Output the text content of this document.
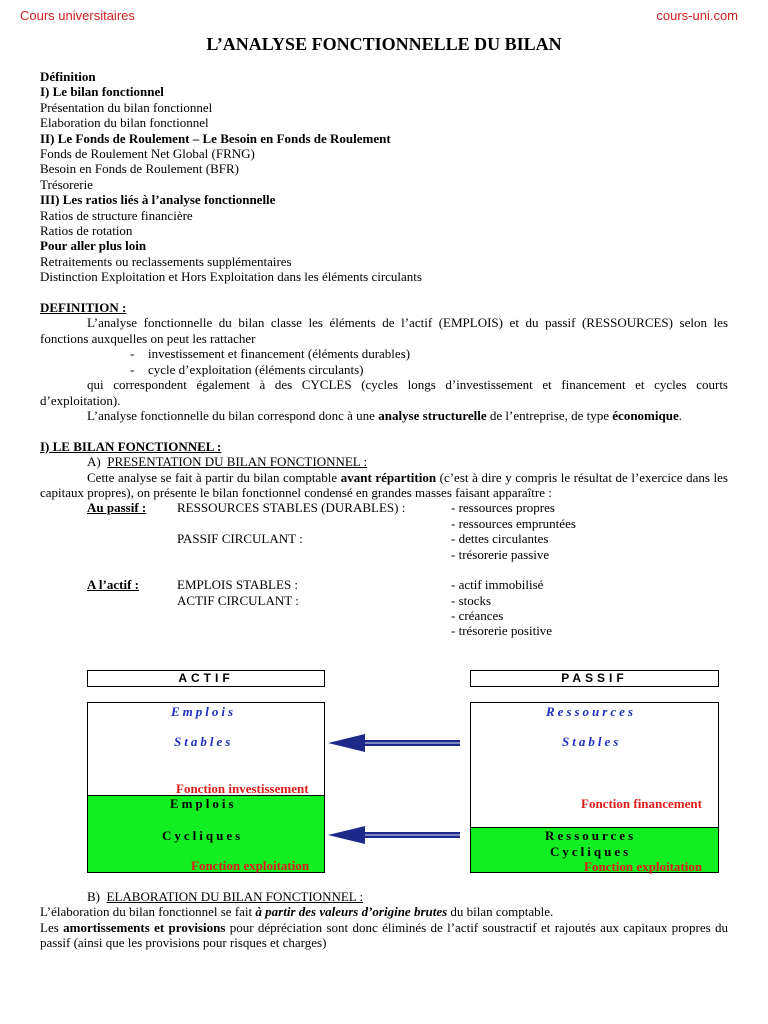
Cours universitaires	cours-uni.com
L’ANALYSE FONCTIONNELLE DU BILAN
Définition
I) Le bilan fonctionnel
Présentation du bilan fonctionnel
Elaboration du bilan fonctionnel
II) Le Fonds de Roulement – Le Besoin en Fonds de Roulement
Fonds de Roulement Net Global (FRNG)
Besoin en Fonds de Roulement (BFR)
Trésorerie
III) Les ratios liés à l’analyse fonctionnelle
Ratios de structure financière
Ratios de rotation
Pour aller plus loin
Retraitements ou reclassements supplémentaires
Distinction Exploitation et Hors Exploitation dans les éléments circulants
DEFINITION :
L’analyse fonctionnelle du bilan classe les éléments de l’actif (EMPLOIS) et du passif (RESSOURCES) selon les fonctions auxquelles on peut les rattacher
- investissement et financement (éléments durables)
- cycle d’exploitation (éléments circulants)
qui correspondent également à des CYCLES (cycles longs d’investissement et financement et cycles courts d’exploitation).
L’analyse fonctionnelle du bilan correspond donc à une analyse structurelle de l’entreprise, de type économique.
I) LE BILAN FONCTIONNEL :
A) PRESENTATION DU BILAN FONCTIONNEL :
Cette analyse se fait à partir du bilan comptable avant répartition (c’est à dire y compris le résultat de l’exercice dans les capitaux propres), on présente le bilan fonctionnel condensé en grandes masses faisant apparaître :
Au passif : RESSOURCES STABLES (DURABLES) :	- ressources propres
- ressources empruntées
PASSIF CIRCULANT :	- dettes circulantes
- trésorerie passive
A l’actif :	EMPLOIS STABLES :	- actif immobilisé
ACTIF CIRCULANT :	- stocks
- créances
- trésorerie positive
ACTIF	PASSIF
Emplois
Stables
Fonction investissement
Emplois
Cycliques
Fonction exploitation
Ressources
Stables
Fonction financement
Ressources
Cycliques
Fonction exploitation
B) ELABORATION DU BILAN FONCTIONNEL :
L’élaboration du bilan fonctionnel se fait à partir des valeurs d’origine brutes du bilan comptable.
Les amortissements et provisions pour dépréciation sont donc éliminés de l’actif soustractif et rajoutés aux capitaux propres du passif (ainsi que les provisions pour risques et charges)
